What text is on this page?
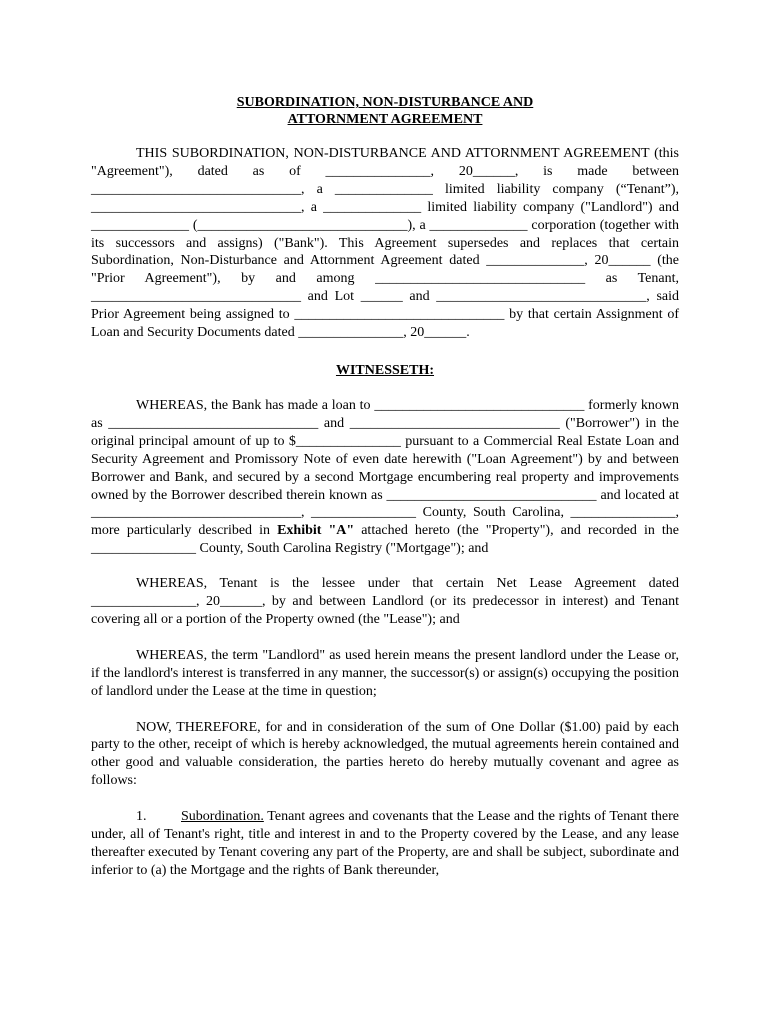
SUBORDINATION, NON-DISTURBANCE AND
ATTORNMENT AGREEMENT

THIS SUBORDINATION, NON-DISTURBANCE AND ATTORNMENT AGREEMENT (this "Agreement"), dated as of _______________, 20______, is made between ______________________________, a ______________ limited liability company (“Tenant”), ______________________________, a ______________ limited liability company ("Landlord") and ______________ (______________________________), a ______________ corporation (together with its successors and assigns) ("Bank"). This Agreement supersedes and replaces that certain Subordination, Non-Disturbance and Attornment Agreement dated ______________, 20______ (the "Prior Agreement"), by and among ______________________________ as Tenant, ______________________________ and Lot ______ and ______________________________, said Prior Agreement being assigned to ______________________________ by that certain Assignment of Loan and Security Documents dated _______________, 20______.

WITNESSETH:

WHEREAS, the Bank has made a loan to ______________________________ formerly known as ______________________________ and ______________________________ ("Borrower") in the original principal amount of up to $_______________ pursuant to a Commercial Real Estate Loan and Security Agreement and Promissory Note of even date herewith ("Loan Agreement") by and between Borrower and Bank, and secured by a second Mortgage encumbering real property and improvements owned by the Borrower described therein known as ______________________________ and located at ______________________________, _______________ County, South Carolina, _______________, more particularly described in Exhibit "A" attached hereto (the "Property"), and recorded in the _______________ County, South Carolina Registry ("Mortgage"); and

WHEREAS, Tenant is the lessee under that certain Net Lease Agreement dated _______________, 20______, by and between Landlord (or its predecessor in interest) and Tenant covering all or a portion of the Property owned (the "Lease"); and

WHEREAS, the term "Landlord" as used herein means the present landlord under the Lease or, if the landlord's interest is transferred in any manner, the successor(s) or assign(s) occupying the position of landlord under the Lease at the time in question;

NOW, THEREFORE, for and in consideration of the sum of One Dollar ($1.00) paid by each party to the other, receipt of which is hereby acknowledged, the mutual agreements herein contained and other good and valuable consideration, the parties hereto do hereby mutually covenant and agree as follows:

1. Subordination. Tenant agrees and covenants that the Lease and the rights of Tenant there under, all of Tenant's right, title and interest in and to the Property covered by the Lease, and any lease thereafter executed by Tenant covering any part of the Property, are and shall be subject, subordinate and inferior to (a) the Mortgage and the rights of Bank thereunder,
